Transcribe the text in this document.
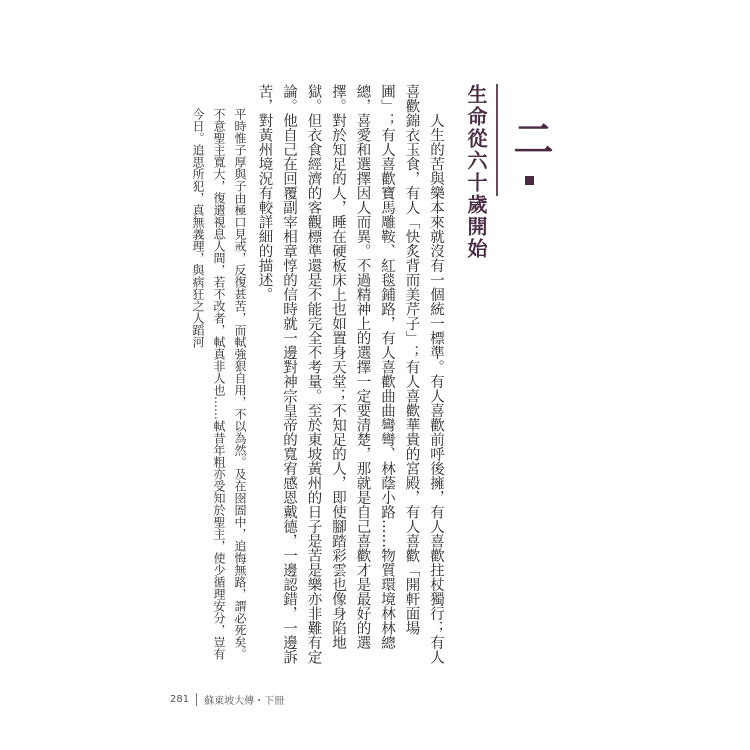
二
生命從六十歲開始

人生的苦與樂本來就沒有一個統一標準。有人喜歡前呼後擁，有人喜歡拄杖獨行；有人喜歡錦衣玉食，有人「快炙背而美芹子」；有人喜歡華貴的宮殿，有人喜歡「開軒面場圃」；有人喜歡寶馬雕鞍、紅毯鋪路，有人喜歡曲曲彎彎、林蔭小路……物質環境林林總總，喜愛和選擇因人而異。不過精神上的選擇一定要清楚，那就是自己喜歡才是最好的選擇。對於知足的人，睡在硬板床上也如置身天堂；不知足的人，即使腳踏彩雲也像身陷地獄。但衣食經濟的客觀標準還是不能完全不考量。至於東坡黃州的日子是苦是樂亦非難有定論。他自己在回覆副宰相章惇的信時就一邊對神宗皇帝的寬宥感恩戴德，一邊認錯，一邊訴苦，對黃州境況有較詳細的描述。

平時惟子厚與子由極口見戒，反復甚苦，而軾強狠自用，不以為然。及在囹圄中，追悔無路，謂必死矣。不意聖主寬大，復遣視息人間，若不改者，軾真非人也……軾昔年粗亦受知於聖主，使少循理安分，豈有今日。追思所犯，真無義理，與病狂之人蹈河

281 蘇東坡大傳・下冊
